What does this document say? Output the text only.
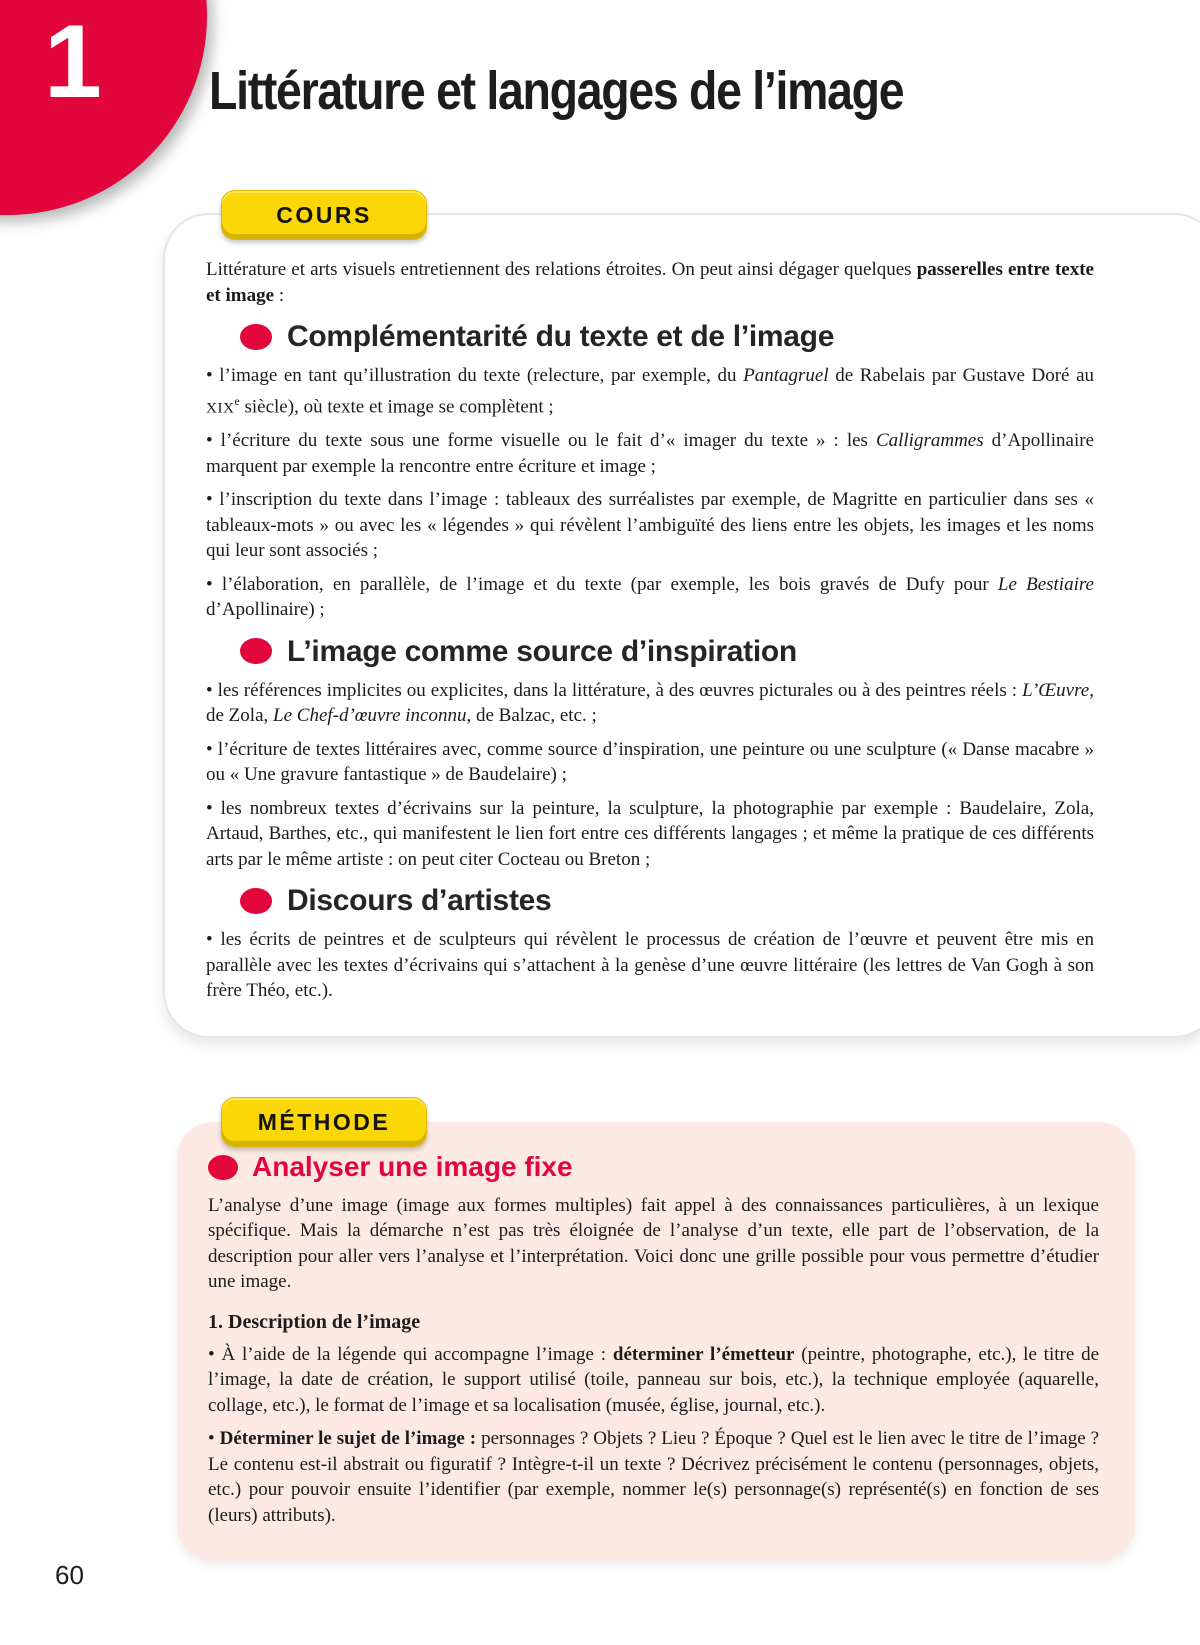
1 Littérature et langages de l’image
COURS

Littérature et arts visuels entretiennent des relations étroites. On peut ainsi dégager quelques passerelles entre texte et image :

Complémentarité du texte et de l’image

• l’image en tant qu’illustration du texte (relecture, par exemple, du Pantagruel de Rabelais par Gustave Doré au XIXe siècle), où texte et image se complètent ;

• l’écriture du texte sous une forme visuelle ou le fait d’« imager du texte » : les Calligrammes d’Apollinaire marquent par exemple la rencontre entre écriture et image ;

• l’inscription du texte dans l’image : tableaux des surréalistes par exemple, de Magritte en particulier dans ses « tableaux-mots » ou avec les « légendes » qui révèlent l’ambiguïté des liens entre les objets, les images et les noms qui leur sont associés ;

• l’élaboration, en parallèle, de l’image et du texte (par exemple, les bois gravés de Dufy pour Le Bestiaire d’Apollinaire) ;

L’image comme source d’inspiration

• les références implicites ou explicites, dans la littérature, à des œuvres picturales ou à des peintres réels : L’Œuvre, de Zola, Le Chef-d’œuvre inconnu, de Balzac, etc. ;

• l’écriture de textes littéraires avec, comme source d’inspiration, une peinture ou une sculpture (« Danse macabre » ou « Une gravure fantastique » de Baudelaire) ;

• les nombreux textes d’écrivains sur la peinture, la sculpture, la photographie par exemple : Baudelaire, Zola, Artaud, Barthes, etc., qui manifestent le lien fort entre ces différents langages ; et même la pratique de ces différents arts par le même artiste : on peut citer Cocteau ou Breton ;

Discours d’artistes

• les écrits de peintres et de sculpteurs qui révèlent le processus de création de l’œuvre et peuvent être mis en parallèle avec les textes d’écrivains qui s’attachent à la genèse d’une œuvre littéraire (les lettres de Van Gogh à son frère Théo, etc.).

MÉTHODE
Analyser une image fixe

L’analyse d’une image (image aux formes multiples) fait appel à des connaissances particulières, à un lexique spécifique. Mais la démarche n’est pas très éloignée de l’analyse d’un texte, elle part de l’observation, de la description pour aller vers l’analyse et l’interprétation. Voici donc une grille possible pour vous permettre d’étudier une image.

1. Description de l’image

• À l’aide de la légende qui accompagne l’image : déterminer l’émetteur (peintre, photographe, etc.), le titre de l’image, la date de création, le support utilisé (toile, panneau sur bois, etc.), la technique employée (aquarelle, collage, etc.), le format de l’image et sa localisation (musée, église, journal, etc.).

• Déterminer le sujet de l’image : personnages ? Objets ? Lieu ? Époque ? Quel est le lien avec le titre de l’image ? Le contenu est-il abstrait ou figuratif ? Intègre-t-il un texte ? Décrivez précisément le contenu (personnages, objets, etc.) pour pouvoir ensuite l’identifier (par exemple, nommer le(s) personnage(s) représenté(s) en fonction de ses (leurs) attributs).

60
